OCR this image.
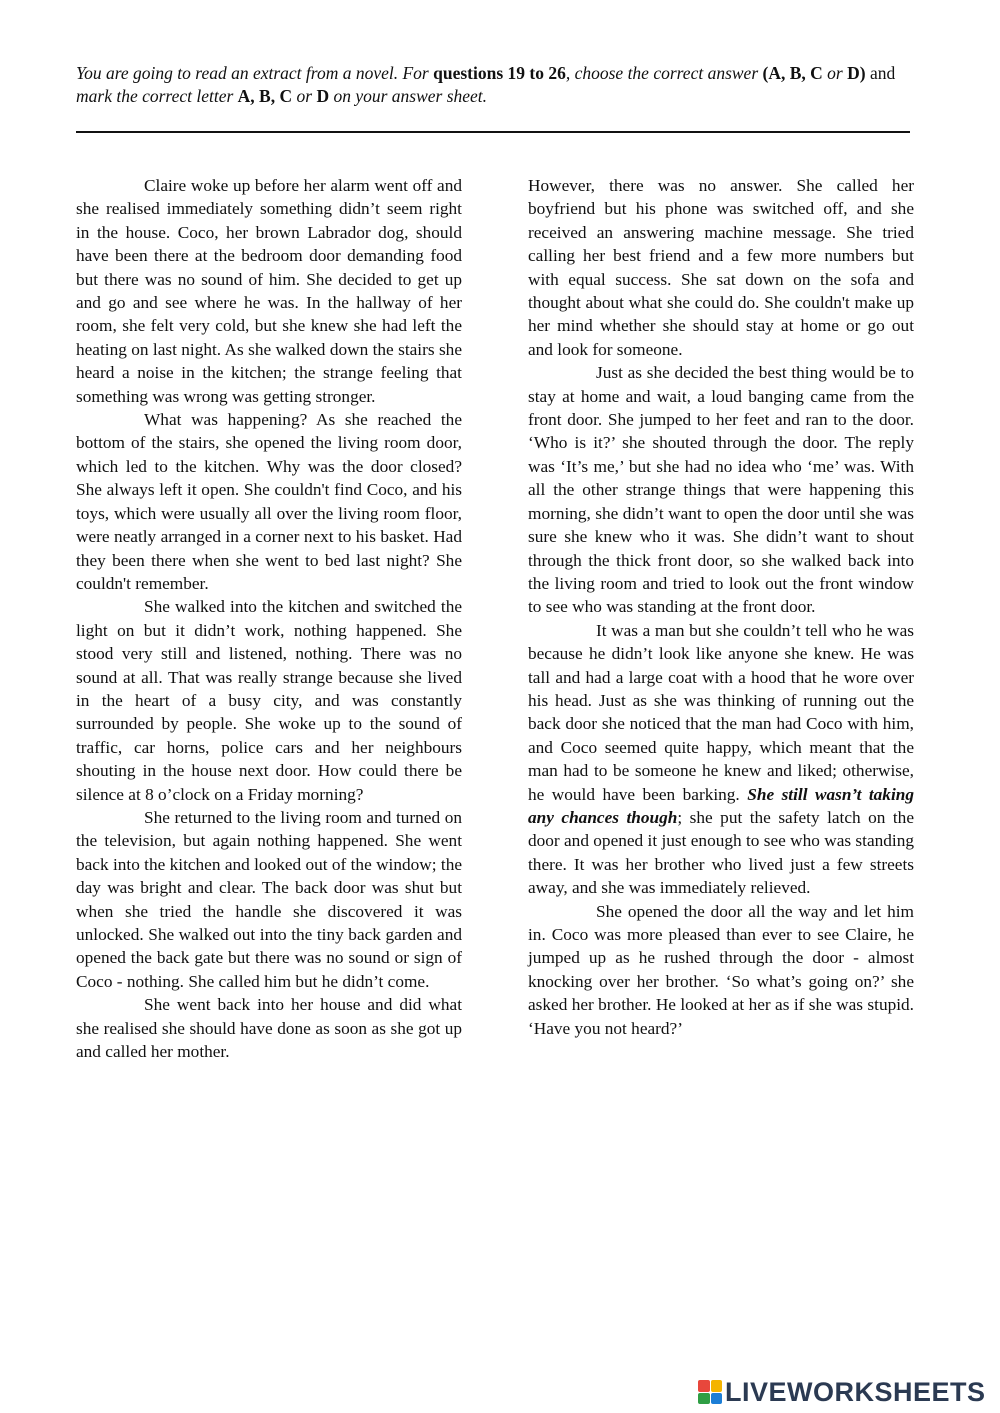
You are going to read an extract from a novel. For questions 19 to 26, choose the correct answer (A, B, C or D) and mark the correct letter A, B, C or D on your answer sheet.

Claire woke up before her alarm went off and she realised immediately something didn’t seem right in the house. Coco, her brown Labrador dog, should have been there at the bedroom door demanding food but there was no sound of him. She decided to get up and go and see where he was. In the hallway of her room, she felt very cold, but she knew she had left the heating on last night. As she walked down the stairs she heard a noise in the kitchen; the strange feeling that something was wrong was getting stronger.

What was happening? As she reached the bottom of the stairs, she opened the living room door, which led to the kitchen. Why was the door closed? She always left it open. She couldn't find Coco, and his toys, which were usually all over the living room floor, were neatly arranged in a corner next to his basket. Had they been there when she went to bed last night? She couldn't remember.

She walked into the kitchen and switched the light on but it didn’t work, nothing happened. She stood very still and listened, nothing. There was no sound at all. That was really strange because she lived in the heart of a busy city, and was constantly surrounded by people. She woke up to the sound of traffic, car horns, police cars and her neighbours shouting in the house next door. How could there be silence at 8 o’clock on a Friday morning?

She returned to the living room and turned on the television, but again nothing happened. She went back into the kitchen and looked out of the window; the day was bright and clear. The back door was shut but when she tried the handle she discovered it was unlocked. She walked out into the tiny back garden and opened the back gate but there was no sound or sign of Coco - nothing. She called him but he didn’t come.

She went back into her house and did what she realised she should have done as soon as she got up and called her mother.

However, there was no answer. She called her boyfriend but his phone was switched off, and she received an answering machine message. She tried calling her best friend and a few more numbers but with equal success. She sat down on the sofa and thought about what she could do. She couldn't make up her mind whether she should stay at home or go out and look for someone.

Just as she decided the best thing would be to stay at home and wait, a loud banging came from the front door. She jumped to her feet and ran to the door. ‘Who is it?’ she shouted through the door. The reply was ‘It’s me,’ but she had no idea who ‘me’ was. With all the other strange things that were happening this morning, she didn’t want to open the door until she was sure she knew who it was. She didn’t want to shout through the thick front door, so she walked back into the living room and tried to look out the front window to see who was standing at the front door.

It was a man but she couldn’t tell who he was because he didn’t look like anyone she knew. He was tall and had a large coat with a hood that he wore over his head. Just as she was thinking of running out the back door she noticed that the man had Coco with him, and Coco seemed quite happy, which meant that the man had to be someone he knew and liked; otherwise, he would have been barking. She still wasn’t taking any chances though; she put the safety latch on the door and opened it just enough to see who was standing there. It was her brother who lived just a few streets away, and she was immediately relieved.

She opened the door all the way and let him in. Coco was more pleased than ever to see Claire, he jumped up as he rushed through the door - almost knocking over her brother. ‘So what’s going on?’ she asked her brother. He looked at her as if she was stupid. ‘Have you not heard?’

LIVEWORKSHEETS
